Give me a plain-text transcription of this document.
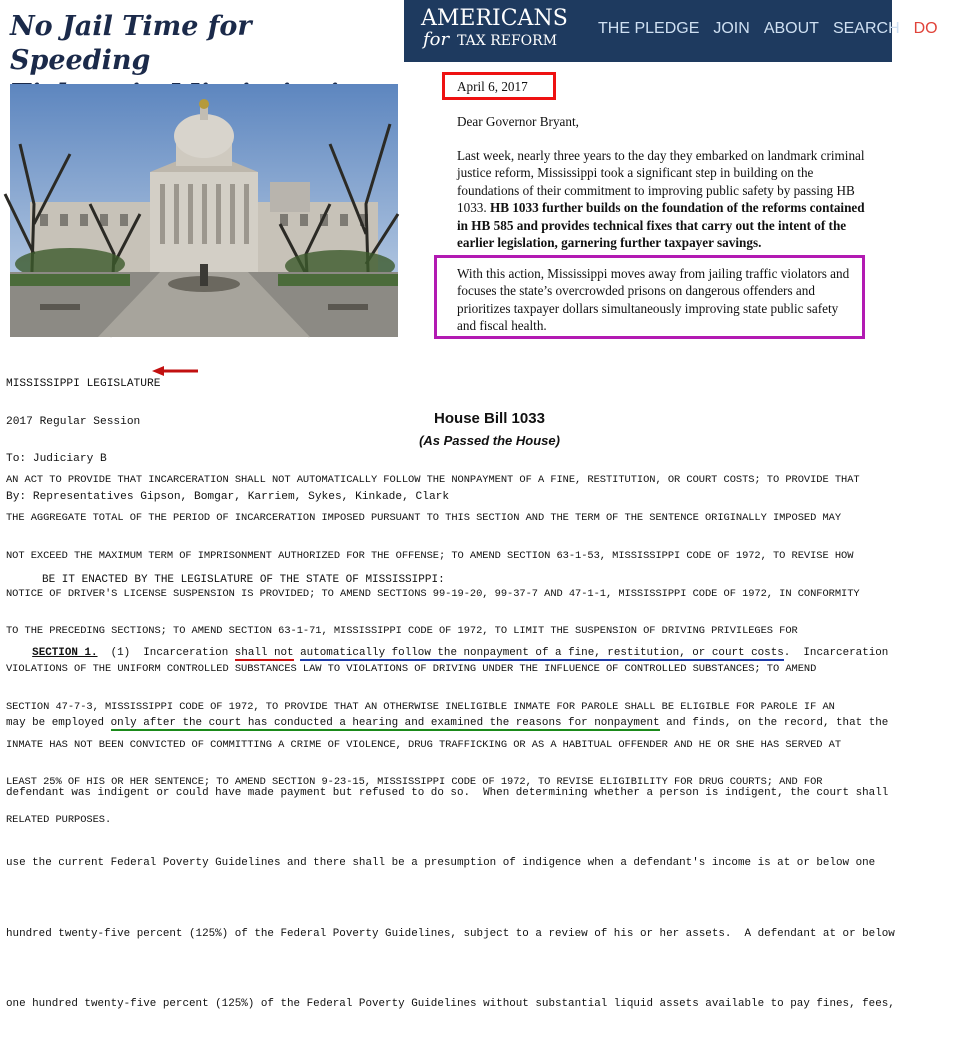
No Jail Time for Speeding
AMERICANS
for TAX REFORM
THE PLEDGE JOIN ABOUT SEARCH DO
April 6, 2017
Dear Governor Bryant,
Last week, nearly three years to the day they embarked on landmark criminal justice reform, Mississippi took a significant step in building on the foundations of their commitment to improving public safety by passing HB 1033. HB 1033 further builds on the foundation of the reforms contained in HB 585 and provides technical fixes that carry out the intent of the earlier legislation, garnering further taxpayer savings.
With this action, Mississippi moves away from jailing traffic violators and focuses the state’s overcrowded prisons on dangerous offenders and prioritizes taxpayer dollars simultaneously improving state public safety and fiscal health.

MISSISSIPPI LEGISLATURE

2017 Regular Session

To: Judiciary B

By: Representatives Gipson, Bomgar, Karriem, Sykes, Kinkade, Clark

House Bill 1033
(As Passed the House)

AN ACT TO PROVIDE THAT INCARCERATION SHALL NOT AUTOMATICALLY FOLLOW THE NONPAYMENT OF A FINE, RESTITUTION, OR COURT COSTS; TO PROVIDE THAT

THE AGGREGATE TOTAL OF THE PERIOD OF INCARCERATION IMPOSED PURSUANT TO THIS SECTION AND THE TERM OF THE SENTENCE ORIGINALLY IMPOSED MAY

NOT EXCEED THE MAXIMUM TERM OF IMPRISONMENT AUTHORIZED FOR THE OFFENSE; TO AMEND SECTION 63-1-53, MISSISSIPPI CODE OF 1972, TO REVISE HOW

NOTICE OF DRIVER'S LICENSE SUSPENSION IS PROVIDED; TO AMEND SECTIONS 99-19-20, 99-37-7 AND 47-1-1, MISSISSIPPI CODE OF 1972, IN CONFORMITY

TO THE PRECEDING SECTIONS; TO AMEND SECTION 63-1-71, MISSISSIPPI CODE OF 1972, TO LIMIT THE SUSPENSION OF DRIVING PRIVILEGES FOR

VIOLATIONS OF THE UNIFORM CONTROLLED SUBSTANCES LAW TO VIOLATIONS OF DRIVING UNDER THE INFLUENCE OF CONTROLLED SUBSTANCES; TO AMEND

SECTION 47-7-3, MISSISSIPPI CODE OF 1972, TO PROVIDE THAT AN OTHERWISE INELIGIBLE INMATE FOR PAROLE SHALL BE ELIGIBLE FOR PAROLE IF AN

INMATE HAS NOT BEEN CONVICTED OF COMMITTING A CRIME OF VIOLENCE, DRUG TRAFFICKING OR AS A HABITUAL OFFENDER AND HE OR SHE HAS SERVED AT

LEAST 25% OF HIS OR HER SENTENCE; TO AMEND SECTION 9-23-15, MISSISSIPPI CODE OF 1972, TO REVISE ELIGIBILITY FOR DRUG COURTS; AND FOR

RELATED PURPOSES.

BE IT ENACTED BY THE LEGISLATURE OF THE STATE OF MISSISSIPPI:

SECTION 1.  (1)  Incarceration shall not automatically follow the nonpayment of a fine, restitution, or court costs.  Incarceration

may be employed only after the court has conducted a hearing and examined the reasons for nonpayment and finds, on the record, that the

defendant was indigent or could have made payment but refused to do so.  When determining whether a person is indigent, the court shall

use the current Federal Poverty Guidelines and there shall be a presumption of indigence when a defendant's income is at or below one

hundred twenty-five percent (125%) of the Federal Poverty Guidelines, subject to a review of his or her assets.  A defendant at or below

one hundred twenty-five percent (125%) of the Federal Poverty Guidelines without substantial liquid assets available to pay fines, fees,
